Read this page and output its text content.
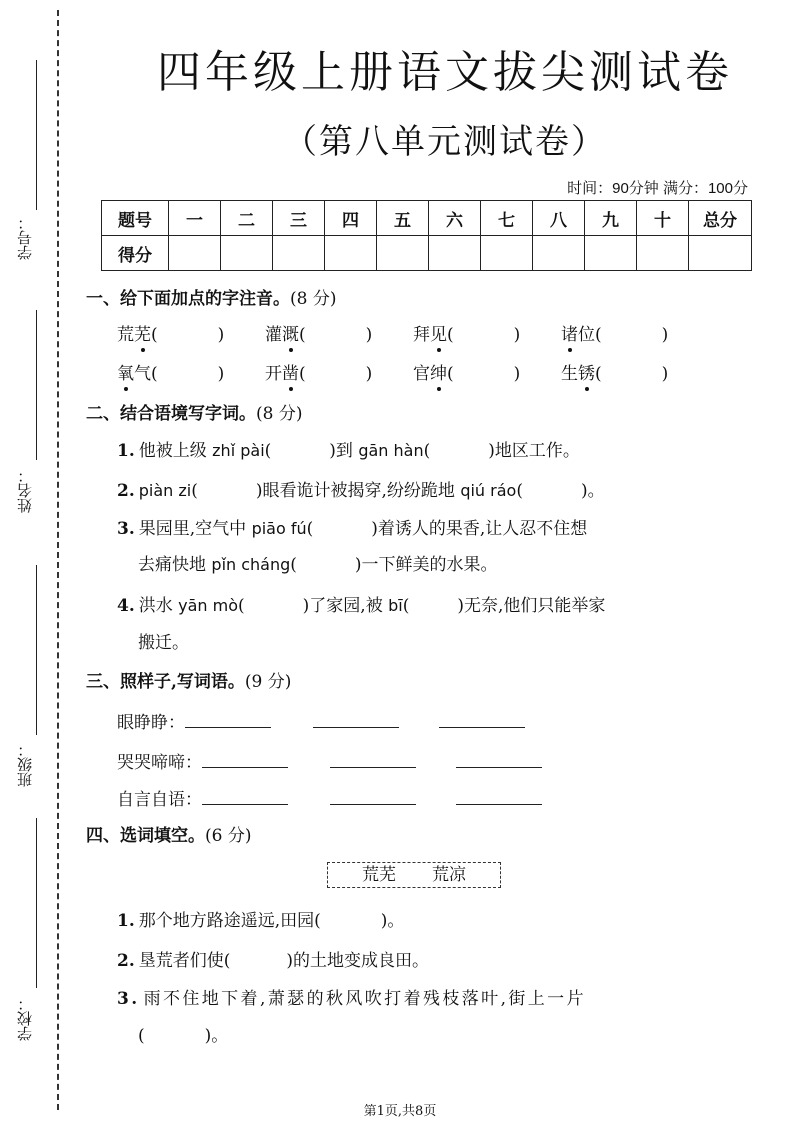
学号：
姓名：
班级：
学校：
四年级上册语文拔尖测试卷
（第八单元测试卷）
时间：90分钟 满分：100分
题号	一	二	三	四	五	六	七	八	九	十	总分
得分											
一、给下面加点的字注音。(8 分)
荒芜(	) 灌溉(	) 拜见(	) 诸位(	)
氧气(	) 开凿(	) 官绅(	) 生锈(	)
二、结合语境写字词。(8 分)
1. 他被上级 zhǐ pài(	)到 gān hàn(	)地区工作。
2. piàn zi(	)眼看诡计被揭穿,纷纷跪地 qiú ráo(	)。
3. 果园里,空气中 piāo fú(	)着诱人的果香,让人忍不住想
去痛快地 pǐn cháng(	)一下鲜美的水果。
4. 洪水 yān mò(	)了家园,被 bī(	)无奈,他们只能举家
搬迁。
三、照样子,写词语。(9 分)
眼睁睁：
哭哭啼啼：
自言自语：
四、选词填空。(6 分)
荒芜 荒凉
1. 那个地方路途遥远,田园(	)。
2. 垦荒者们使(	)的土地变成良田。
3. 雨不住地下着,萧瑟的秋风吹打着残枝落叶,街上一片
(	)。
第1页,共8页
